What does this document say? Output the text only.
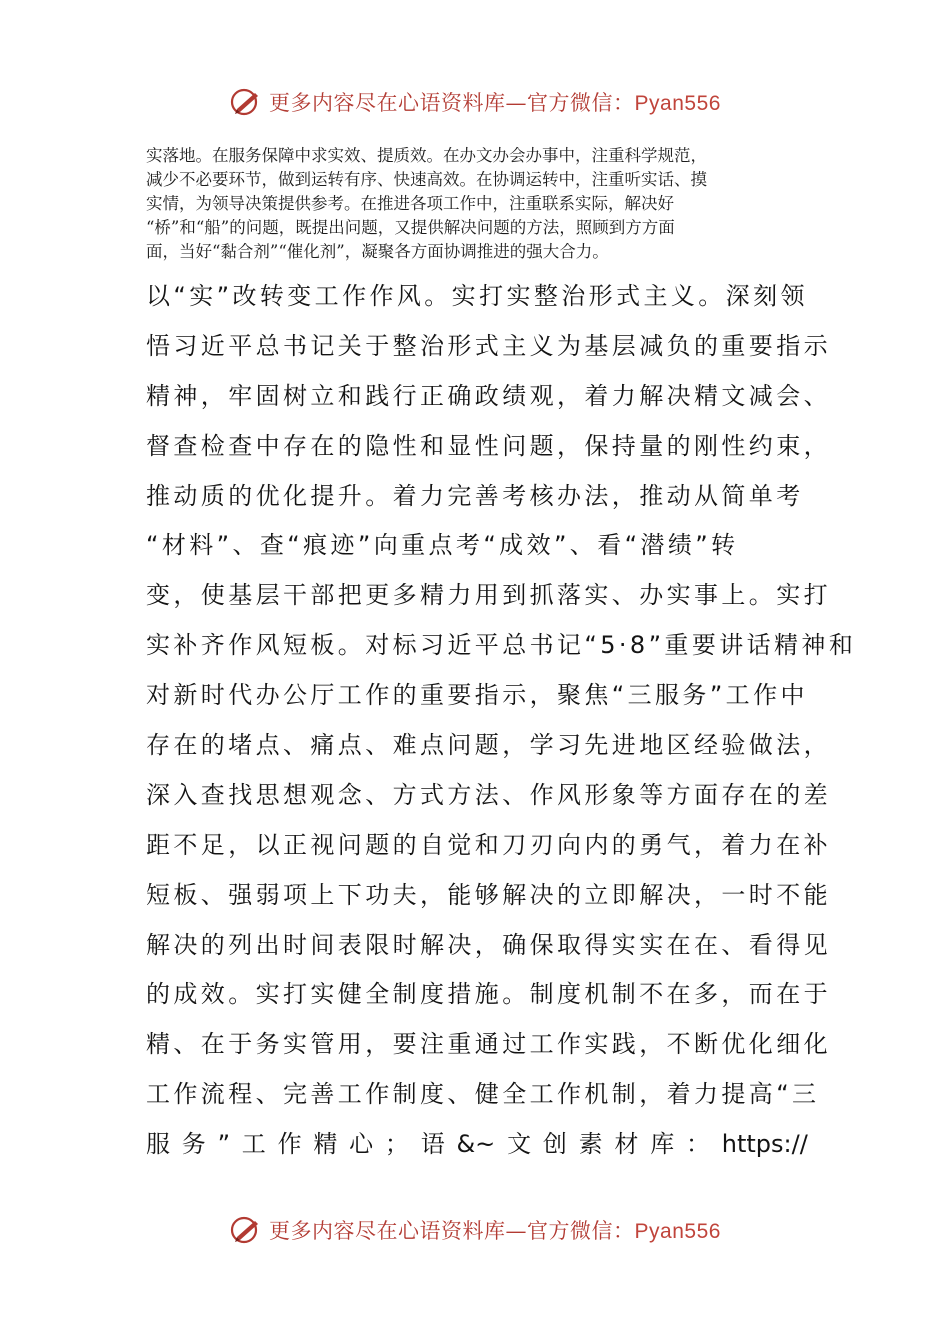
更多内容尽在心语资料库—官方微信：Pyan556
实落地。在服务保障中求实效、提质效。在办文办会办事中，注重科学规范，
减少不必要环节，做到运转有序、快速高效。在协调运转中，注重听实话、摸
实情，为领导决策提供参考。在推进各项工作中，注重联系实际，解决好
“桥”和“船”的问题，既提出问题，又提供解决问题的方法，照顾到方方面
面，当好“黏合剂”“催化剂”，凝聚各方面协调推进的强大合力。
以“实”改转变工作作风。实打实整治形式主义。深刻领
悟习近平总书记关于整治形式主义为基层减负的重要指示
精神，牢固树立和践行正确政绩观，着力解决精文减会、
督查检查中存在的隐性和显性问题，保持量的刚性约束，
推动质的优化提升。着力完善考核办法，推动从简单考
“材料”、查“痕迹”向重点考“成效”、看“潜绩”转
变，使基层干部把更多精力用到抓落实、办实事上。实打
实补齐作风短板。对标习近平总书记“5·8”重要讲话精神和
对新时代办公厅工作的重要指示，聚焦“三服务”工作中
存在的堵点、痛点、难点问题，学习先进地区经验做法，
深入查找思想观念、方式方法、作风形象等方面存在的差
距不足，以正视问题的自觉和刀刃向内的勇气，着力在补
短板、强弱项上下功夫，能够解决的立即解决，一时不能
解决的列出时间表限时解决，确保取得实实在在、看得见
的成效。实打实健全制度措施。制度机制不在多，而在于
精、在于务实管用，要注重通过工作实践，不断优化细化
工作流程、完善工作制度、健全工作机制，着力提高“三
服 务 ” 工 作 精 心 ； 语 &~ 文 创 素 材 库 ： https://
更多内容尽在心语资料库—官方微信：Pyan556
